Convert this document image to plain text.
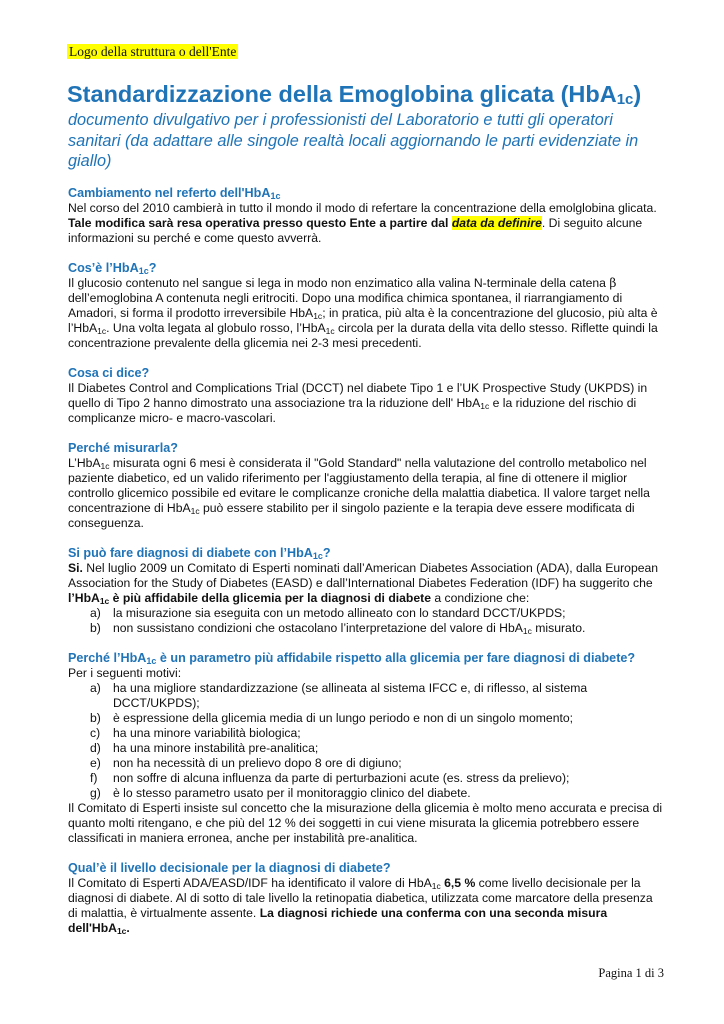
Logo della struttura o dell'Ente
Standardizzazione della Emoglobina glicata (HbA$_{1c}$)
documento divulgativo per i professionisti del Laboratorio e tutti gli operatori sanitari (da adattare alle singole realtà locali aggiornando le parti evidenziate in giallo)
Cambiamento nel referto dell'HbA$_{1c}$

Nel corso del 2010 cambierà in tutto il mondo il modo di refertare la concentrazione della emolglobina glicata. Tale modifica sarà resa operativa presso questo Ente a partire dal data da definire. Di seguito alcune informazioni su perché e come questo avverrà.

Cos’è l’HbA$_{1c}$?

Il glucosio contenuto nel sangue si lega in modo non enzimatico alla valina N-terminale della catena β dell’emoglobina A contenuta negli eritrociti. Dopo una modifica chimica spontanea, il riarrangiamento di Amadori, si forma il prodotto irreversibile HbA$_{1c}$; in pratica, più alta è la concentrazione del glucosio, più alta è l’HbA$_{1c}$. Una volta legata al globulo rosso, l’HbA$_{1c}$ circola per la durata della vita dello stesso. Riflette quindi la concentrazione prevalente della glicemia nei 2-3 mesi precedenti.

Cosa ci dice?

Il Diabetes Control and Complications Trial (DCCT) nel diabete Tipo 1 e l’UK Prospective Study (UKPDS) in quello di Tipo 2 hanno dimostrato una associazione tra la riduzione dell' HbA$_{1c}$ e la riduzione del rischio di complicanze micro- e macro-vascolari.

Perché misurarla?

L’HbA$_{1c}$ misurata ogni 6 mesi è considerata il "Gold Standard" nella valutazione del controllo metabolico nel paziente diabetico, ed un valido riferimento per l'aggiustamento della terapia, al fine di ottenere il miglior controllo glicemico possibile ed evitare le complicanze croniche della malattia diabetica. Il valore target nella concentrazione di HbA$_{1c}$ può essere stabilito per il singolo paziente e la terapia deve essere modificata di conseguenza.

Si può fare diagnosi di diabete con l’HbA$_{1c}$?

Si. Nel luglio 2009 un Comitato di Esperti nominati dall’American Diabetes Association (ADA), dalla European Association for the Study of Diabetes (EASD) e dall’International Diabetes Federation (IDF) ha suggerito che l’HbA$_{1c}$ è più affidabile della glicemia per la diagnosi di diabete a condizione che:

a) la misurazione sia eseguita con un metodo allineato con lo standard DCCT/UKPDS;
b) non sussistano condizioni che ostacolano l’interpretazione del valore di HbA$_{1c}$ misurato.
Perché l’HbA$_{1c}$ è un parametro più affidabile rispetto alla glicemia per fare diagnosi di diabete?

Per i seguenti motivi:

a) ha una migliore standardizzazione (se allineata al sistema IFCC e, di riflesso, al sistema DCCT/UKPDS);
b) è espressione della glicemia media di un lungo periodo e non di un singolo momento;
c) ha una minore variabilità biologica;
d) ha una minore instabilità pre-analitica;
e) non ha necessità di un prelievo dopo 8 ore di digiuno;
f) non soffre di alcuna influenza da parte di perturbazioni acute (es. stress da prelievo);
g) è lo stesso parametro usato per il monitoraggio clinico del diabete.

Il Comitato di Esperti insiste sul concetto che la misurazione della glicemia è molto meno accurata e precisa di quanto molti ritengano, e che più del 12 % dei soggetti in cui viene misurata la glicemia potrebbero essere classificati in maniera erronea, anche per instabilità pre-analitica.

Qual’è il livello decisionale per la diagnosi di diabete?

Il Comitato di Esperti ADA/EASD/IDF ha identificato il valore di HbA$_{1c}$ 6,5 % come livello decisionale per la diagnosi di diabete. Al di sotto di tale livello la retinopatia diabetica, utilizzata come marcatore della presenza di malattia, è virtualmente assente. La diagnosi richiede una conferma con una seconda misura dell'HbA$_{1c}$.

Pagina 1 di 3
